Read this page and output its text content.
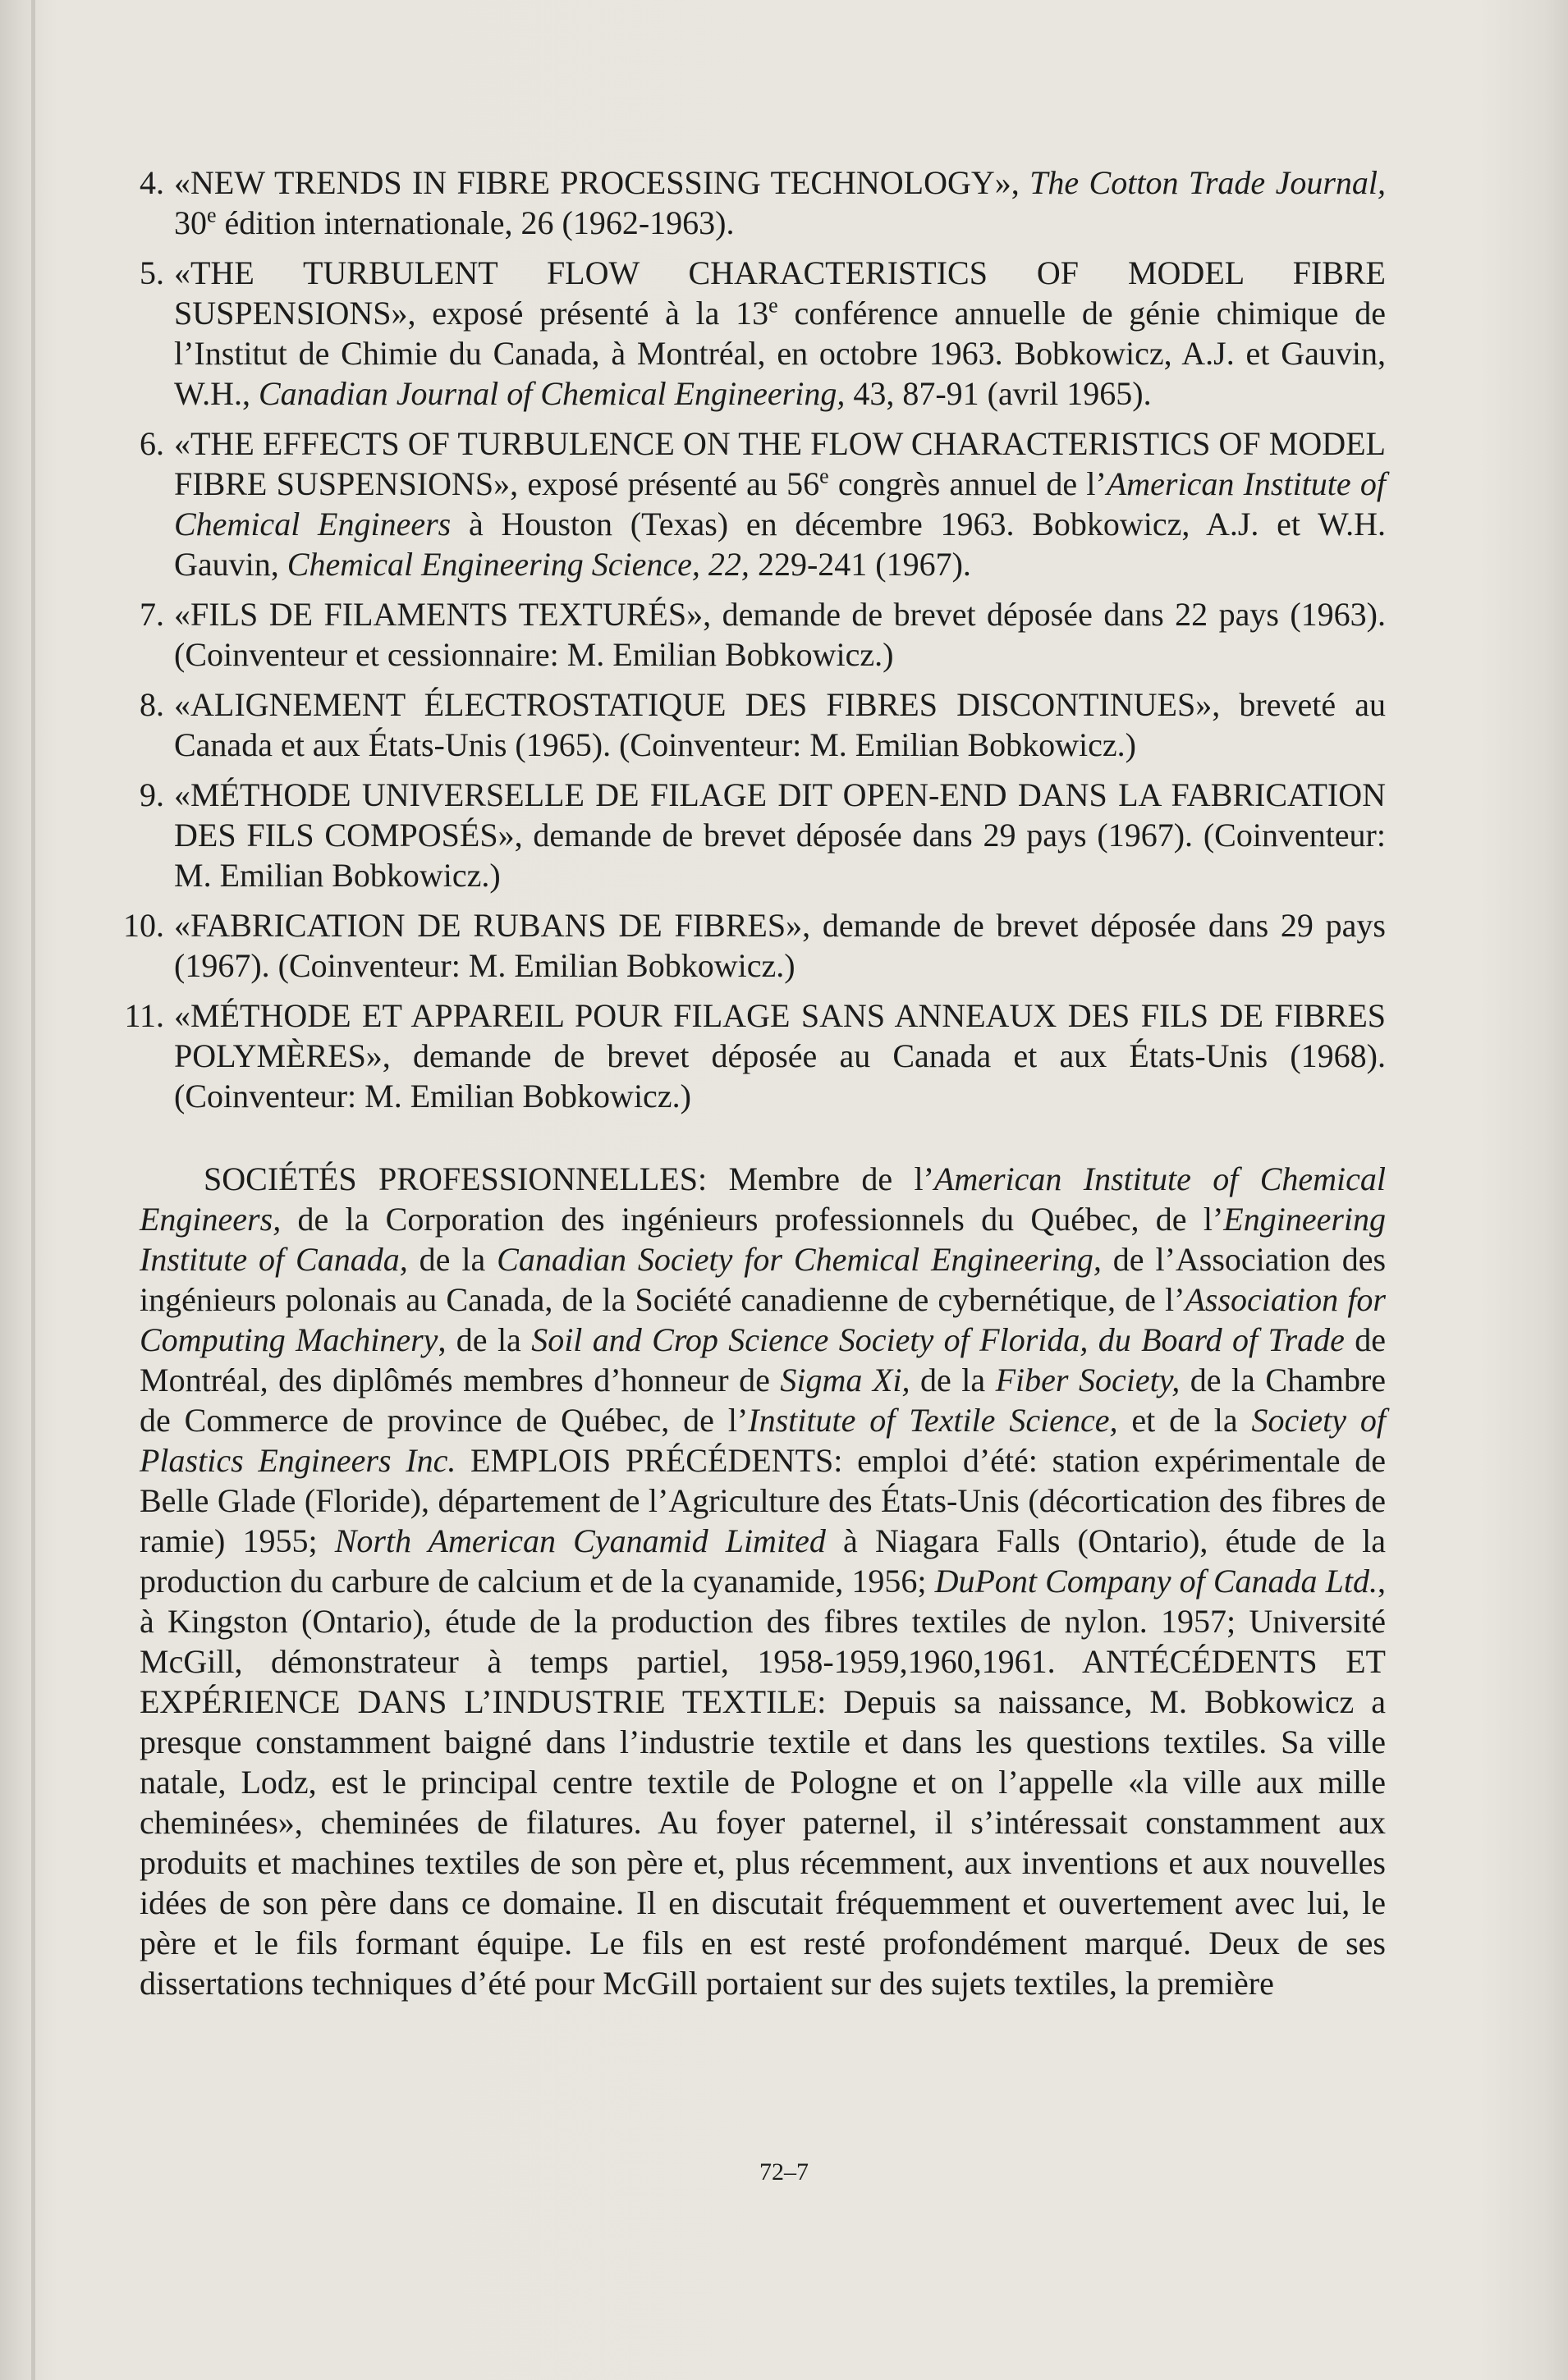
4. «NEW TRENDS IN FIBRE PROCESSING TECHNOLOGY», The Cotton Trade Journal, 30e édition internationale, 26 (1962-1963).
5. «THE TURBULENT FLOW CHARACTERISTICS OF MODEL FIBRE SUSPENSIONS», exposé présenté à la 13e conférence annuelle de génie chimique de l’Institut de Chimie du Canada, à Montréal, en octobre 1963. Bobkowicz, A.J. et Gauvin, W.H., Canadian Journal of Chemical Engineering, 43, 87-91 (avril 1965).
6. «THE EFFECTS OF TURBULENCE ON THE FLOW CHARACTERISTICS OF MODEL FIBRE SUSPENSIONS», exposé présenté au 56e congrès annuel de l’American Institute of Chemical Engineers à Houston (Texas) en décembre 1963. Bobkowicz, A.J. et W.H. Gauvin, Chemical Engineering Science, 22, 229-241 (1967).
7. «FILS DE FILAMENTS TEXTURÉS», demande de brevet déposée dans 22 pays (1963). (Coinventeur et cessionnaire: M. Emilian Bobkowicz.)
8. «ALIGNEMENT ÉLECTROSTATIQUE DES FIBRES DISCONTINUES», breveté au Canada et aux États-Unis (1965). (Coinventeur: M. Emilian Bobkowicz.)
9. «MÉTHODE UNIVERSELLE DE FILAGE DIT OPEN-END DANS LA FABRICATION DES FILS COMPOSÉS», demande de brevet déposée dans 29 pays (1967). (Coinventeur: M. Emilian Bobkowicz.)
10. «FABRICATION DE RUBANS DE FIBRES», demande de brevet déposée dans 29 pays (1967). (Coinventeur: M. Emilian Bobkowicz.)
11. «MÉTHODE ET APPAREIL POUR FILAGE SANS ANNEAUX DES FILS DE FIBRES POLYMÈRES», demande de brevet déposée au Canada et aux États-Unis (1968). (Coinventeur: M. Emilian Bobkowicz.)
SOCIÉTÉS PROFESSIONNELLES: Membre de l’American Institute of Chemical Engineers, de la Corporation des ingénieurs professionnels du Québec, de l’Engineering Institute of Canada, de la Canadian Society for Chemical Engineering, de l’Association des ingénieurs polonais au Canada, de la Société canadienne de cybernétique, de l’Association for Computing Machinery, de la Soil and Crop Science Society of Florida, du Board of Trade de Montréal, des diplômés membres d’honneur de Sigma Xi, de la Fiber Society, de la Chambre de Commerce de province de Québec, de l’Institute of Textile Science, et de la Society of Plastics Engineers Inc. EMPLOIS PRÉCÉDENTS: emploi d’été: station expérimentale de Belle Glade (Floride), département de l’Agriculture des États-Unis (décortication des fibres de ramie) 1955; North American Cyanamid Limited à Niagara Falls (Ontario), étude de la production du carbure de calcium et de la cyanamide, 1956; DuPont Company of Canada Ltd., à Kingston (Ontario), étude de la production des fibres textiles de nylon. 1957; Université McGill, démonstrateur à temps partiel, 1958-1959,1960,1961. ANTÉCÉDENTS ET EXPÉRIENCE DANS L’INDUSTRIE TEXTILE: Depuis sa naissance, M. Bobkowicz a presque constamment baigné dans l’industrie textile et dans les questions textiles. Sa ville natale, Lodz, est le principal centre textile de Pologne et on l’appelle «la ville aux mille cheminées», cheminées de filatures. Au foyer paternel, il s’intéressait constamment aux produits et machines textiles de son père et, plus récemment, aux inventions et aux nouvelles idées de son père dans ce domaine. Il en discutait fréquemment et ouvertement avec lui, le père et le fils formant équipe. Le fils en est resté profondément marqué. Deux de ses dissertations techniques d’été pour McGill portaient sur des sujets textiles, la première
72–7
